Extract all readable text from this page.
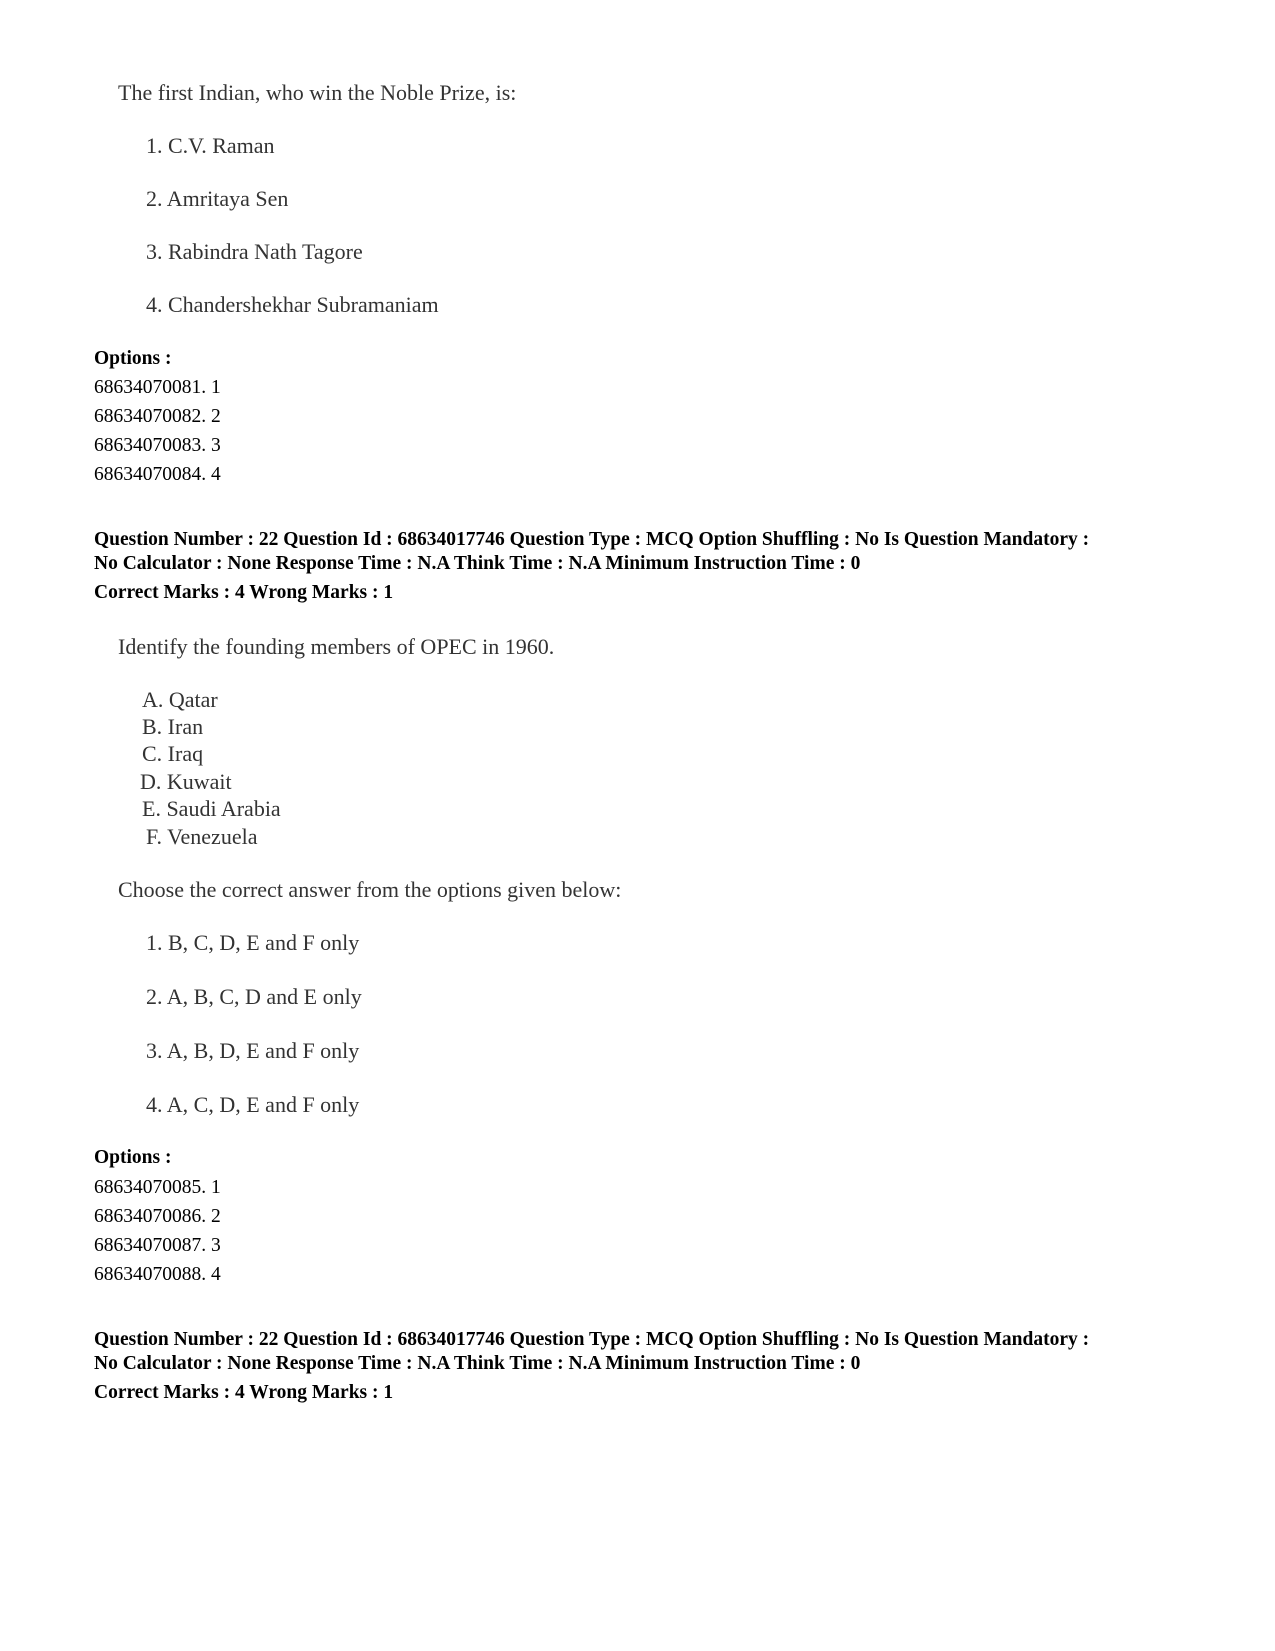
The first Indian, who win the Noble Prize, is:
1. C.V. Raman
2. Amritaya Sen
3. Rabindra Nath Tagore
4. Chandershekhar Subramaniam
Options :
68634070081. 1
68634070082. 2
68634070083. 3
68634070084. 4
Question Number : 22 Question Id : 68634017746 Question Type : MCQ Option Shuffling : No Is Question Mandatory :
No Calculator : None Response Time : N.A Think Time : N.A Minimum Instruction Time : 0
Correct Marks : 4 Wrong Marks : 1
Identify the founding members of OPEC in 1960.
A. Qatar
B. Iran
C. Iraq
D. Kuwait
E. Saudi Arabia
F. Venezuela
Choose the correct answer from the options given below:
1. B, C, D, E and F only
2. A, B, C, D and E only
3. A, B, D, E and F only
4. A, C, D, E and F only
Options :
68634070085. 1
68634070086. 2
68634070087. 3
68634070088. 4
Question Number : 22 Question Id : 68634017746 Question Type : MCQ Option Shuffling : No Is Question Mandatory :
No Calculator : None Response Time : N.A Think Time : N.A Minimum Instruction Time : 0
Correct Marks : 4 Wrong Marks : 1
